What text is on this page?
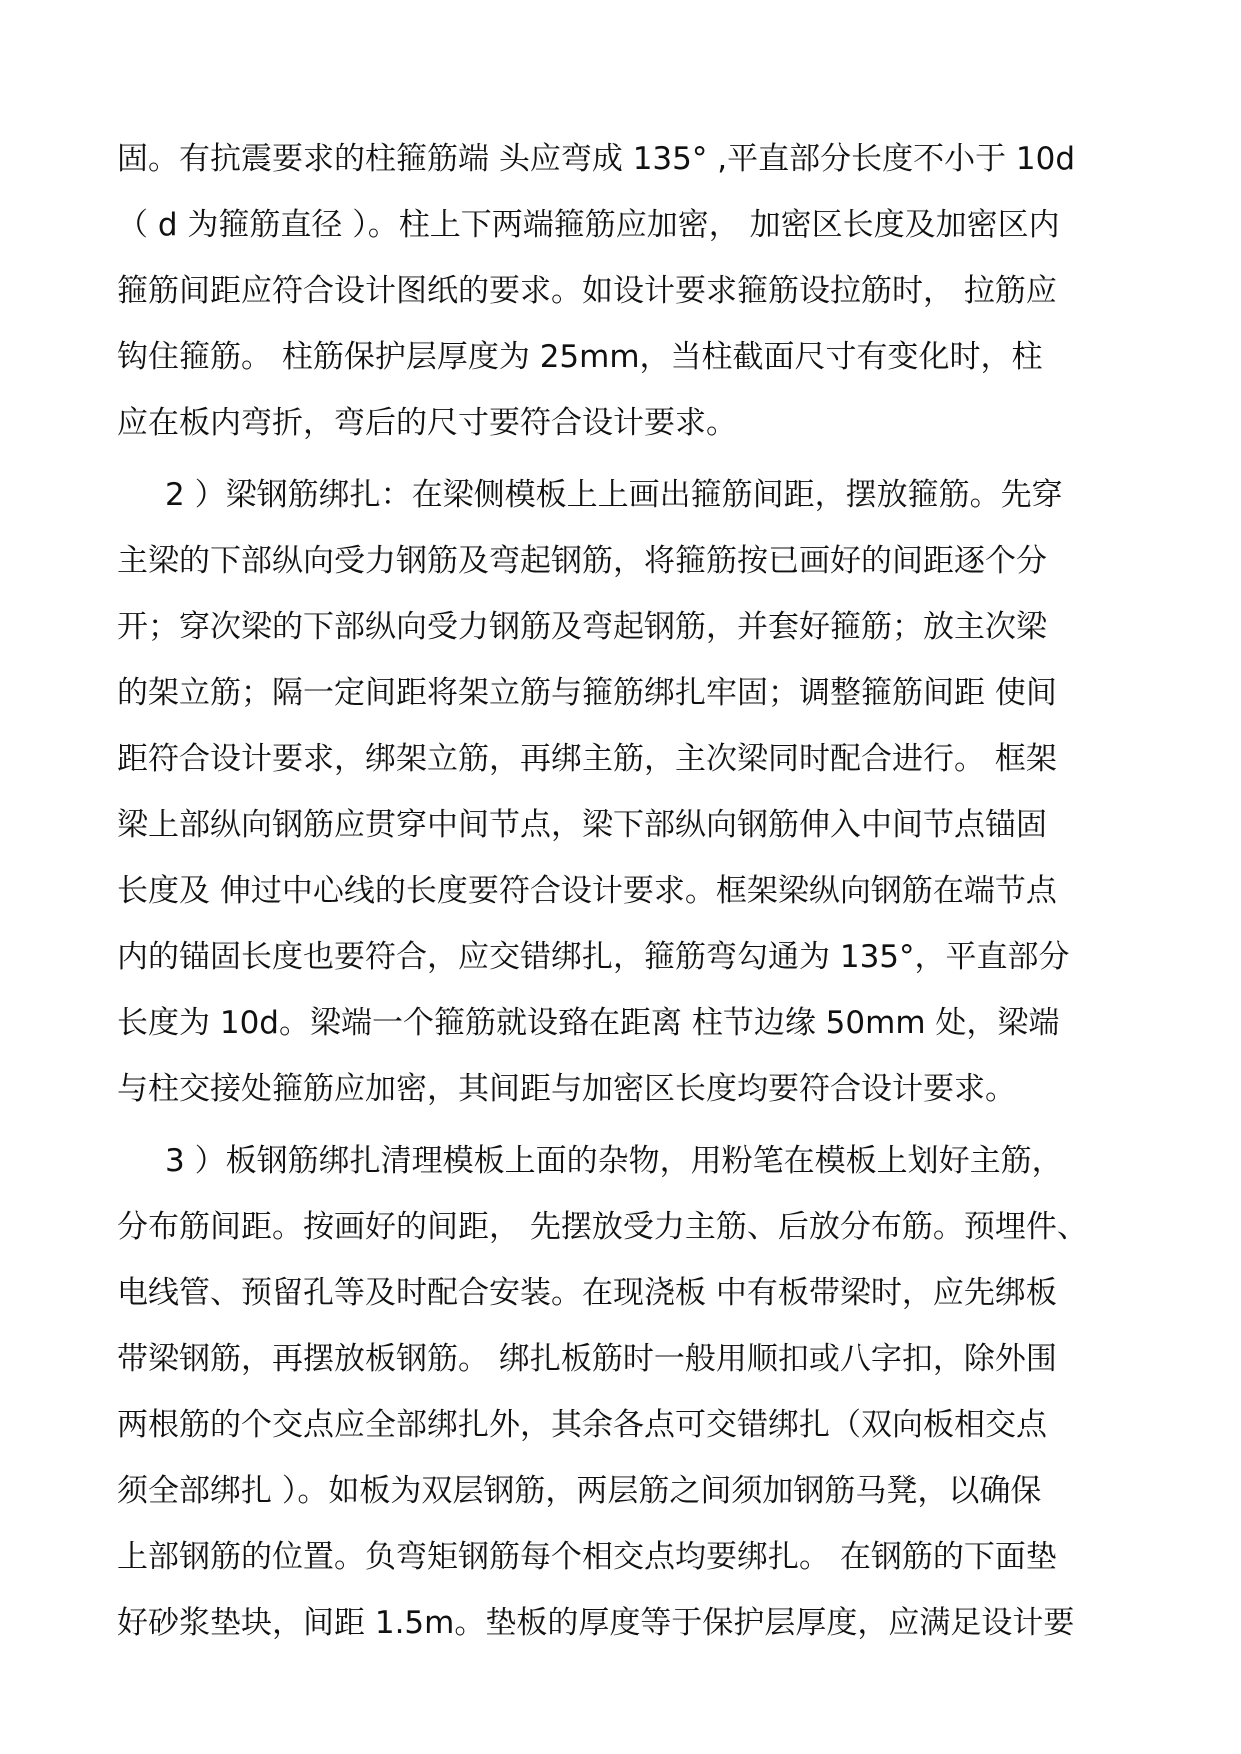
固。有抗震要求的柱箍筋端 头应弯成 135° ,平直部分长度不小于 10d
（ d 为箍筋直径 ）。柱上下两端箍筋应加密， 加密区长度及加密区内
箍筋间距应符合设计图纸的要求。如设计要求箍筋设拉筋时， 拉筋应
钩住箍筋。 柱筋保护层厚度为 25mm，当柱截面尺寸有变化时，柱
应在板内弯折，弯后的尺寸要符合设计要求。
2 ）梁钢筋绑扎：在梁侧模板上上画出箍筋间距，摆放箍筋。先穿
主梁的下部纵向受力钢筋及弯起钢筋，将箍筋按已画好的间距逐个分
开；穿次梁的下部纵向受力钢筋及弯起钢筋，并套好箍筋；放主次梁
的架立筋；隔一定间距将架立筋与箍筋绑扎牢固；调整箍筋间距 使间
距符合设计要求，绑架立筋，再绑主筋，主次梁同时配合进行。 框架
梁上部纵向钢筋应贯穿中间节点，梁下部纵向钢筋伸入中间节点锚固
长度及 伸过中心线的长度要符合设计要求。框架梁纵向钢筋在端节点
内的锚固长度也要符合，应交错绑扎，箍筋弯勾通为 135°，平直部分
长度为 10d。梁端一个箍筋就设臵在距离 柱节边缘 50mm 处，梁端
与柱交接处箍筋应加密，其间距与加密区长度均要符合设计要求。
3 ）板钢筋绑扎清理模板上面的杂物，用粉笔在模板上划好主筋，
分布筋间距。按画好的间距， 先摆放受力主筋、后放分布筋。预埋件、
电线管、预留孔等及时配合安装。在现浇板 中有板带梁时，应先绑板
带梁钢筋，再摆放板钢筋。 绑扎板筋时一般用顺扣或八字扣，除外围
两根筋的个交点应全部绑扎外，其余各点可交错绑扎（双向板相交点
须全部绑扎 ）。如板为双层钢筋，两层筋之间须加钢筋马凳，以确保
上部钢筋的位置。负弯矩钢筋每个相交点均要绑扎。 在钢筋的下面垫
好砂浆垫块，间距 1.5m。垫板的厚度等于保护层厚度，应满足设计要
